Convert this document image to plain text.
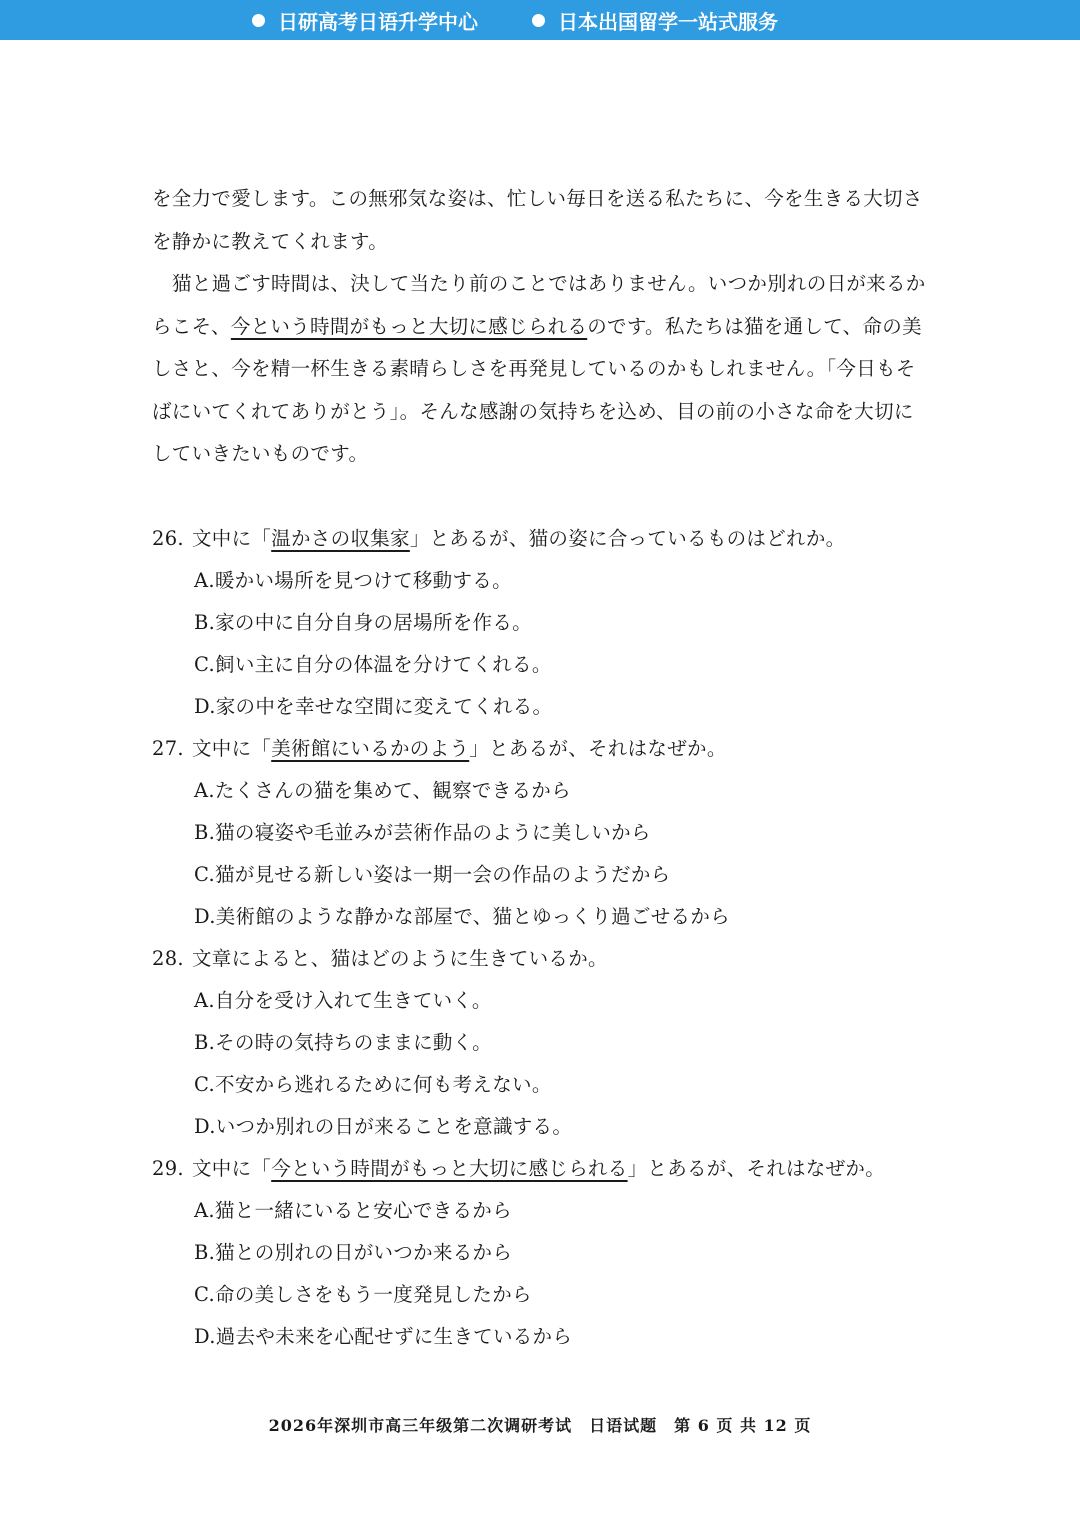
日研高考日语升学中心	日本出国留学一站式服务
を全力で愛します。この無邪気な姿は、忙しい毎日を送る私たちに、今を生きる大切さ
を静かに教えてくれます。
猫と過ごす時間は、決して当たり前のことではありません。いつか別れの日が来るか
らこそ、今という時間がもっと大切に感じられるのです。私たちは猫を通して、命の美
しさと、今を精一杯生きる素晴らしさを再発見しているのかもしれません。「今日もそ
ばにいてくれてありがとう」。そんな感謝の気持ちを込め、目の前の小さな命を大切に
していきたいものです。
26. 文中に「温かさの収集家」とあるが、猫の姿に合っているものはどれか。
A.暖かい場所を見つけて移動する。
B.家の中に自分自身の居場所を作る。
C.飼い主に自分の体温を分けてくれる。
D.家の中を幸せな空間に変えてくれる。
27. 文中に「美術館にいるかのよう」とあるが、それはなぜか。
A.たくさんの猫を集めて、観察できるから
B.猫の寝姿や毛並みが芸術作品のように美しいから
C.猫が見せる新しい姿は一期一会の作品のようだから
D.美術館のような静かな部屋で、猫とゆっくり過ごせるから
28. 文章によると、猫はどのように生きているか。
A.自分を受け入れて生きていく。
B.その時の気持ちのままに動く。
C.不安から逃れるために何も考えない。
D.いつか別れの日が来ることを意識する。
29. 文中に「今という時間がもっと大切に感じられる」とあるが、それはなぜか。
A.猫と一緒にいると安心できるから
B.猫との別れの日がいつか来るから
C.命の美しさをもう一度発見したから
D.過去や未来を心配せずに生きているから
2026年深圳市高三年级第二次调研考试　日语试题　第 6 页 共 12 页
